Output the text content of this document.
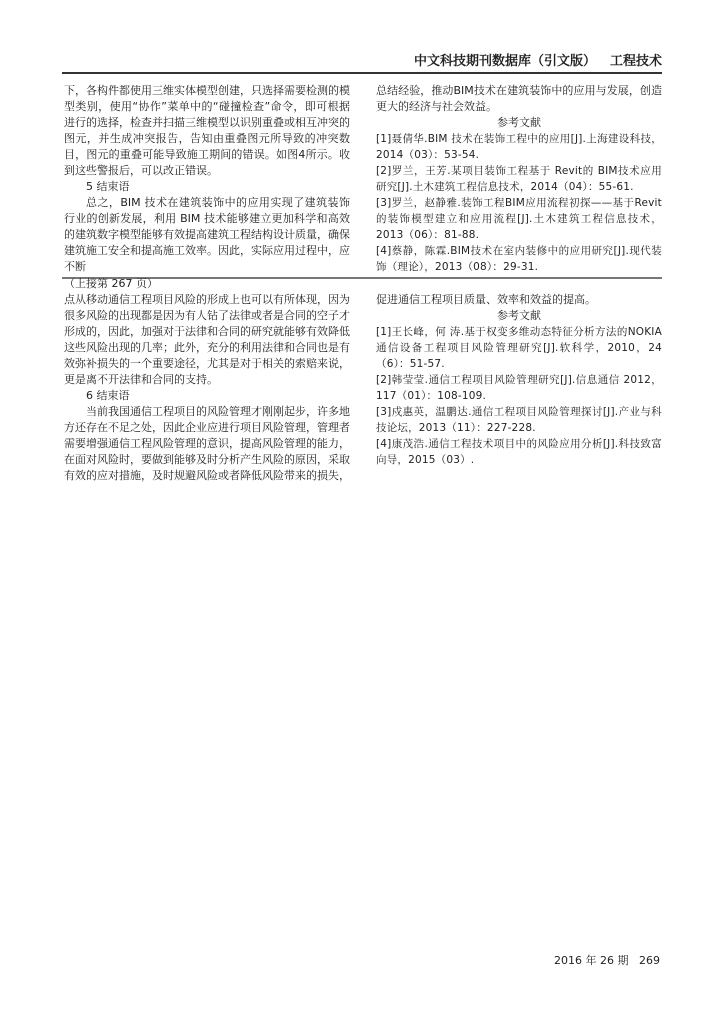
中文科技期刊数据库（引文版） 工程技术

下，各构件都使用三维实体模型创建，只选择需要检测的模型类别，使用“协作”菜单中的“碰撞检查”命令，即可根据进行的选择，检查并扫描三维模型以识别重叠或相互冲突的图元，并生成冲突报告，告知由重叠图元所导致的冲突数目，图元的重叠可能导致施工期间的错误。如图4所示。收到这些警报后，可以改正错误。

5 结束语

总之，BIM 技术在建筑装饰中的应用实现了建筑装饰行业的创新发展，利用 BIM 技术能够建立更加科学和高效的建筑数字模型能够有效提高建筑工程结构设计质量，确保建筑施工安全和提高施工效率。因此，实际应用过程中，应不断

总结经验，推动BIM技术在建筑装饰中的应用与发展，创造更大的经济与社会效益。

参考文献

[1]聂倩华.BIM 技术在装饰工程中的应用[J].上海建设科技，2014（03）：53-54.

[2]罗兰，王芳.某项目装饰工程基于 Revit的 BIM技术应用研究[J].土木建筑工程信息技术，2014（04）：55-61.

[3]罗兰，赵静雅.装饰工程BIM应用流程初探——基于Revit的装饰模型建立和应用流程[J].土木建筑工程信息技术，2013（06）：81-88.

[4]蔡静，陈霖.BIM技术在室内装修中的应用研究[J].现代装饰（理论），2013（08）：29-31.

（上接第 267 页）

点从移动通信工程项目风险的形成上也可以有所体现，因为很多风险的出现都是因为有人钻了法律或者是合同的空子才形成的，因此，加强对于法律和合同的研究就能够有效降低这些风险出现的几率；此外，充分的利用法律和合同也是有效弥补损失的一个重要途径，尤其是对于相关的索赔来说，更是离不开法律和合同的支持。

6 结束语

当前我国通信工程项目的风险管理才刚刚起步，许多地方还存在不足之处，因此企业应进行项目风险管理，管理者需要增强通信工程风险管理的意识，提高风险管理的能力，在面对风险时，要做到能够及时分析产生风险的原因，采取有效的应对措施，及时规避风险或者降低风险带来的损失，

促进通信工程项目质量、效率和效益的提高。

参考文献

[1]王长峰，何 涛.基于权变多维动态特征分析方法的NOKIA 通信设备工程项目风险管理研究[J].软科学，2010，24（6）：51-57.

[2]韩莹莹.通信工程项目风险管理研究[J].信息通信 2012，117（01）：108-109.

[3]戍惠英，温鹏达.通信工程项目风险管理探讨[J].产业与科技论坛，2013（11）：227-228.

[4]康茂浩.通信工程技术项目中的风险应用分析[J].科技致富向导，2015（03）.

2016 年 26 期 269
